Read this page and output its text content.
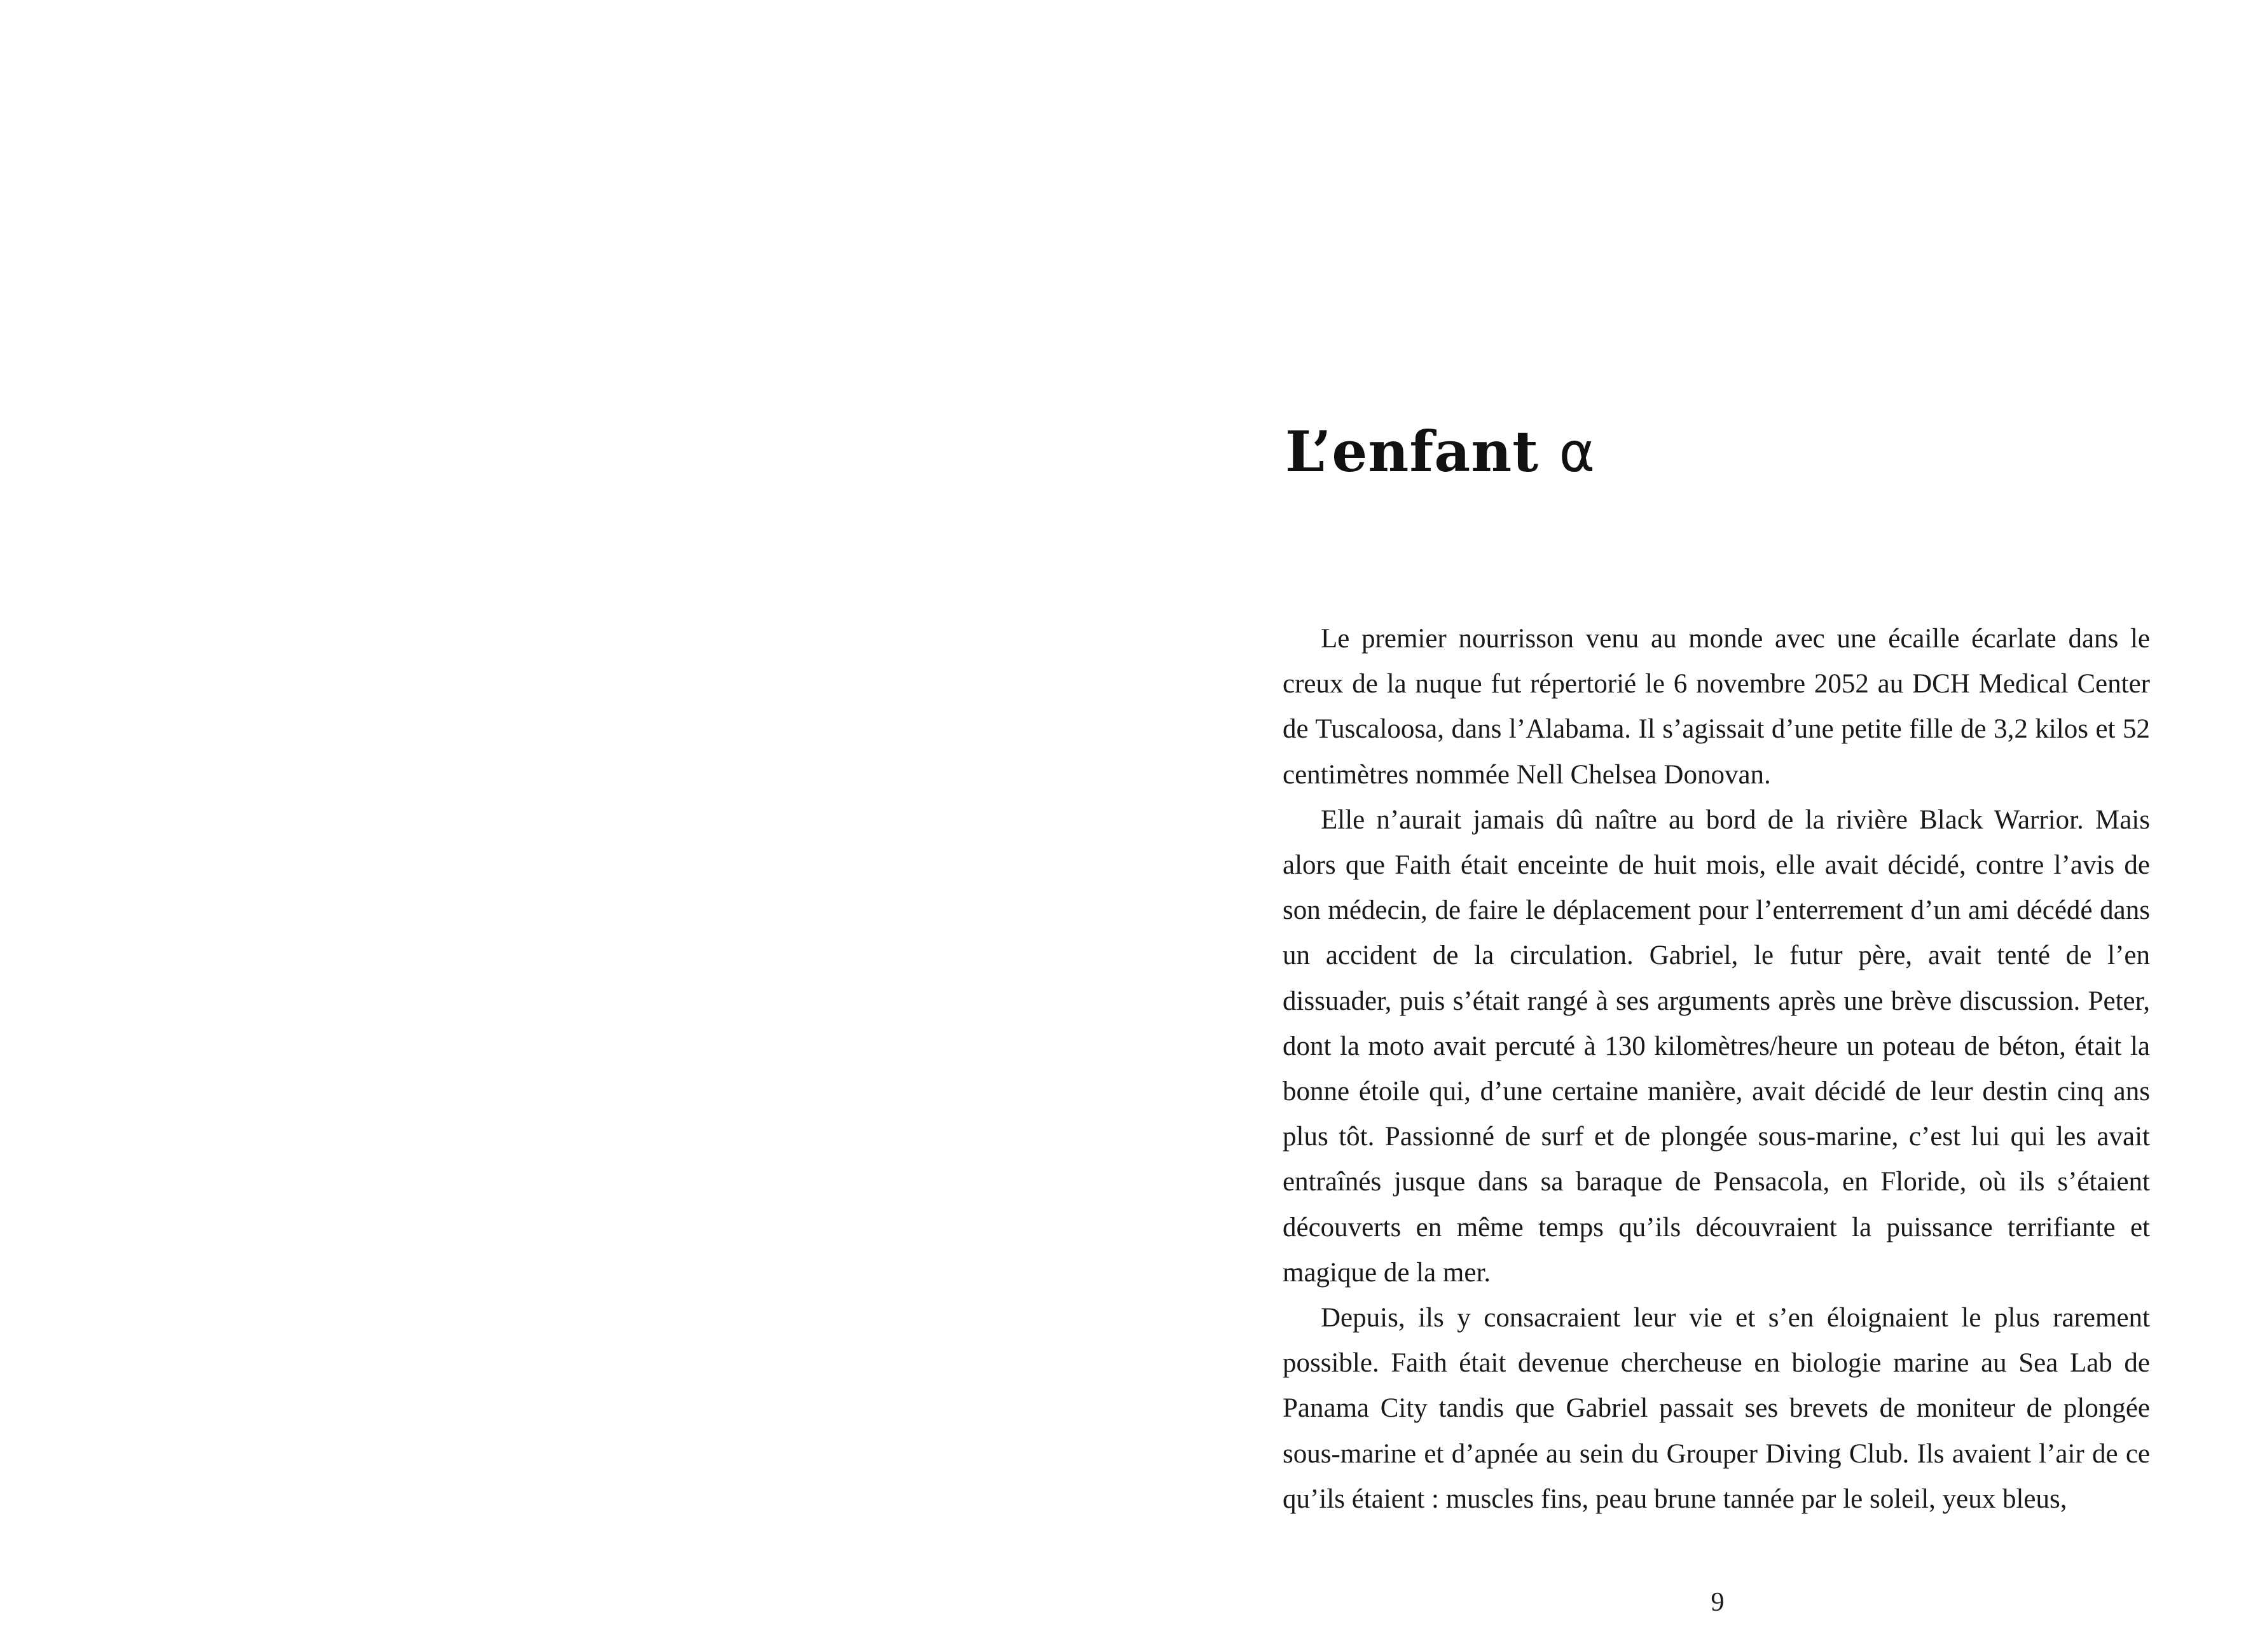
L’enfant α

Le premier nourrisson venu au monde avec une écaille écarlate dans le creux de la nuque fut répertorié le 6 novembre 2052 au DCH Medical Center de Tuscaloosa, dans l’Alabama. Il s’agissait d’une petite fille de 3,2 kilos et 52 centimètres nommée Nell Chelsea Donovan.

Elle n’aurait jamais dû naître au bord de la rivière Black Warrior. Mais alors que Faith était enceinte de huit mois, elle avait décidé, contre l’avis de son médecin, de faire le déplacement pour l’enterrement d’un ami décédé dans un accident de la circulation. Gabriel, le futur père, avait tenté de l’en dissuader, puis s’était rangé à ses arguments après une brève discussion. Peter, dont la moto avait percuté à 130 kilomètres/heure un poteau de béton, était la bonne étoile qui, d’une certaine manière, avait décidé de leur destin cinq ans plus tôt. Passionné de surf et de plongée sous-marine, c’est lui qui les avait entraînés jusque dans sa baraque de Pensacola, en Floride, où ils s’étaient découverts en même temps qu’ils découvraient la puissance terrifiante et magique de la mer.

Depuis, ils y consacraient leur vie et s’en éloignaient le plus rarement possible. Faith était devenue chercheuse en biologie marine au Sea Lab de Panama City tandis que Gabriel passait ses brevets de moniteur de plongée sous-marine et d’apnée au sein du Grouper Diving Club. Ils avaient l’air de ce qu’ils étaient : muscles fins, peau brune tannée par le soleil, yeux bleus,

9
